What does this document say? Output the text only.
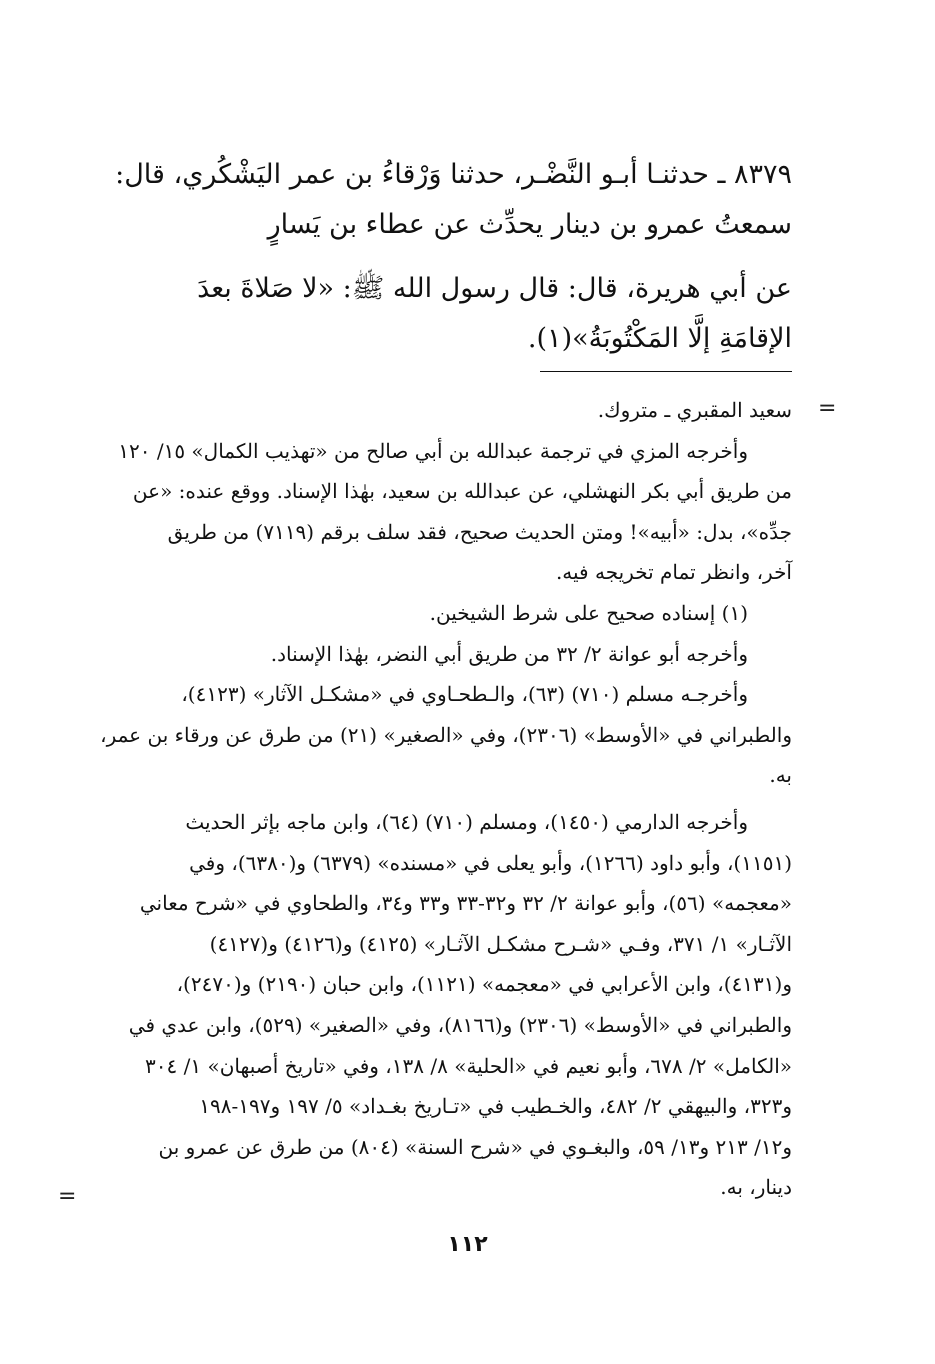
٨٣٧٩ ـ حدثنـا أبـو النَّضْـر، حدثنا وَرْقاءُ بن عمر اليَشْكُري، قال:
سمعتُ عمرو بن دينار يحدِّث عن عطاء بن يَسارٍ
عن أبي هريرة، قال: قال رسول الله ﷺ: «لا صَلاةَ بعدَ
الإقامَةِ إلَّا المَكْتُوبَةُ»(١).
=
سعيد المقبري ـ متروك.
وأخرجه المزي في ترجمة عبدالله بن أبي صالح من «تهذيب الكمال» ١٥/ ١٢٠
من طريق أبي بكر النهشلي، عن عبدالله بن سعيد، بهٰذا الإسناد. ووقع عنده: «عن
جدِّه»، بدل: «أبيه»! ومتن الحديث صحيح، فقد سلف برقم (٧١١٩) من طريق
آخر، وانظر تمام تخريجه فيه.
(١) إسناده صحيح على شرط الشيخين.
وأخرجه أبو عوانة ٢/ ٣٢ من طريق أبي النضر، بهٰذا الإسناد.
وأخرجـه مسلم (٧١٠) (٦٣)، والـطحـاوي في «مشكـل الآثار» (٤١٢٣)،
والطبراني في «الأوسط» (٢٣٠٦)، وفي «الصغير» (٢١) من طرق عن ورقاء بن عمر،
به.
وأخرجه الدارمي (١٤٥٠)، ومسلم (٧١٠) (٦٤)، وابن ماجه بإثر الحديث
(١١٥١)، وأبو داود (١٢٦٦)، وأبو يعلى في «مسنده» (٦٣٧٩) و(٦٣٨٠)، وفي
«معجمه» (٥٦)، وأبو عوانة ٢/ ٣٢ و٣٢-٣٣ و٣٣ و٣٤، والطحاوي في «شرح معاني
الآثـار» ١/ ٣٧١، وفـي «شـرح مشكـل الآثـار» (٤١٢٥) و(٤١٢٦) و(٤١٢٧)
و(٤١٣١)، وابن الأعرابي في «معجمه» (١١٢١)، وابن حبان (٢١٩٠) و(٢٤٧٠)،
والطبراني في «الأوسط» (٢٣٠٦) و(٨١٦٦)، وفي «الصغير» (٥٢٩)، وابن عدي في
«الكامل» ٢/ ٦٧٨، وأبو نعيم في «الحلية» ٨/ ١٣٨، وفي «تاريخ أصبهان» ١/ ٣٠٤
و٣٢٣، والبيهقي ٢/ ٤٨٢، والخـطيب في «تـاريخ بغـداد» ٥/ ١٩٧ و١٩٧-١٩٨
و١٢/ ٢١٣ و١٣/ ٥٩، والبغـوي في «شرح السنة» (٨٠٤) من طرق عن عمرو بن
دينار، به.
=
١١٢
